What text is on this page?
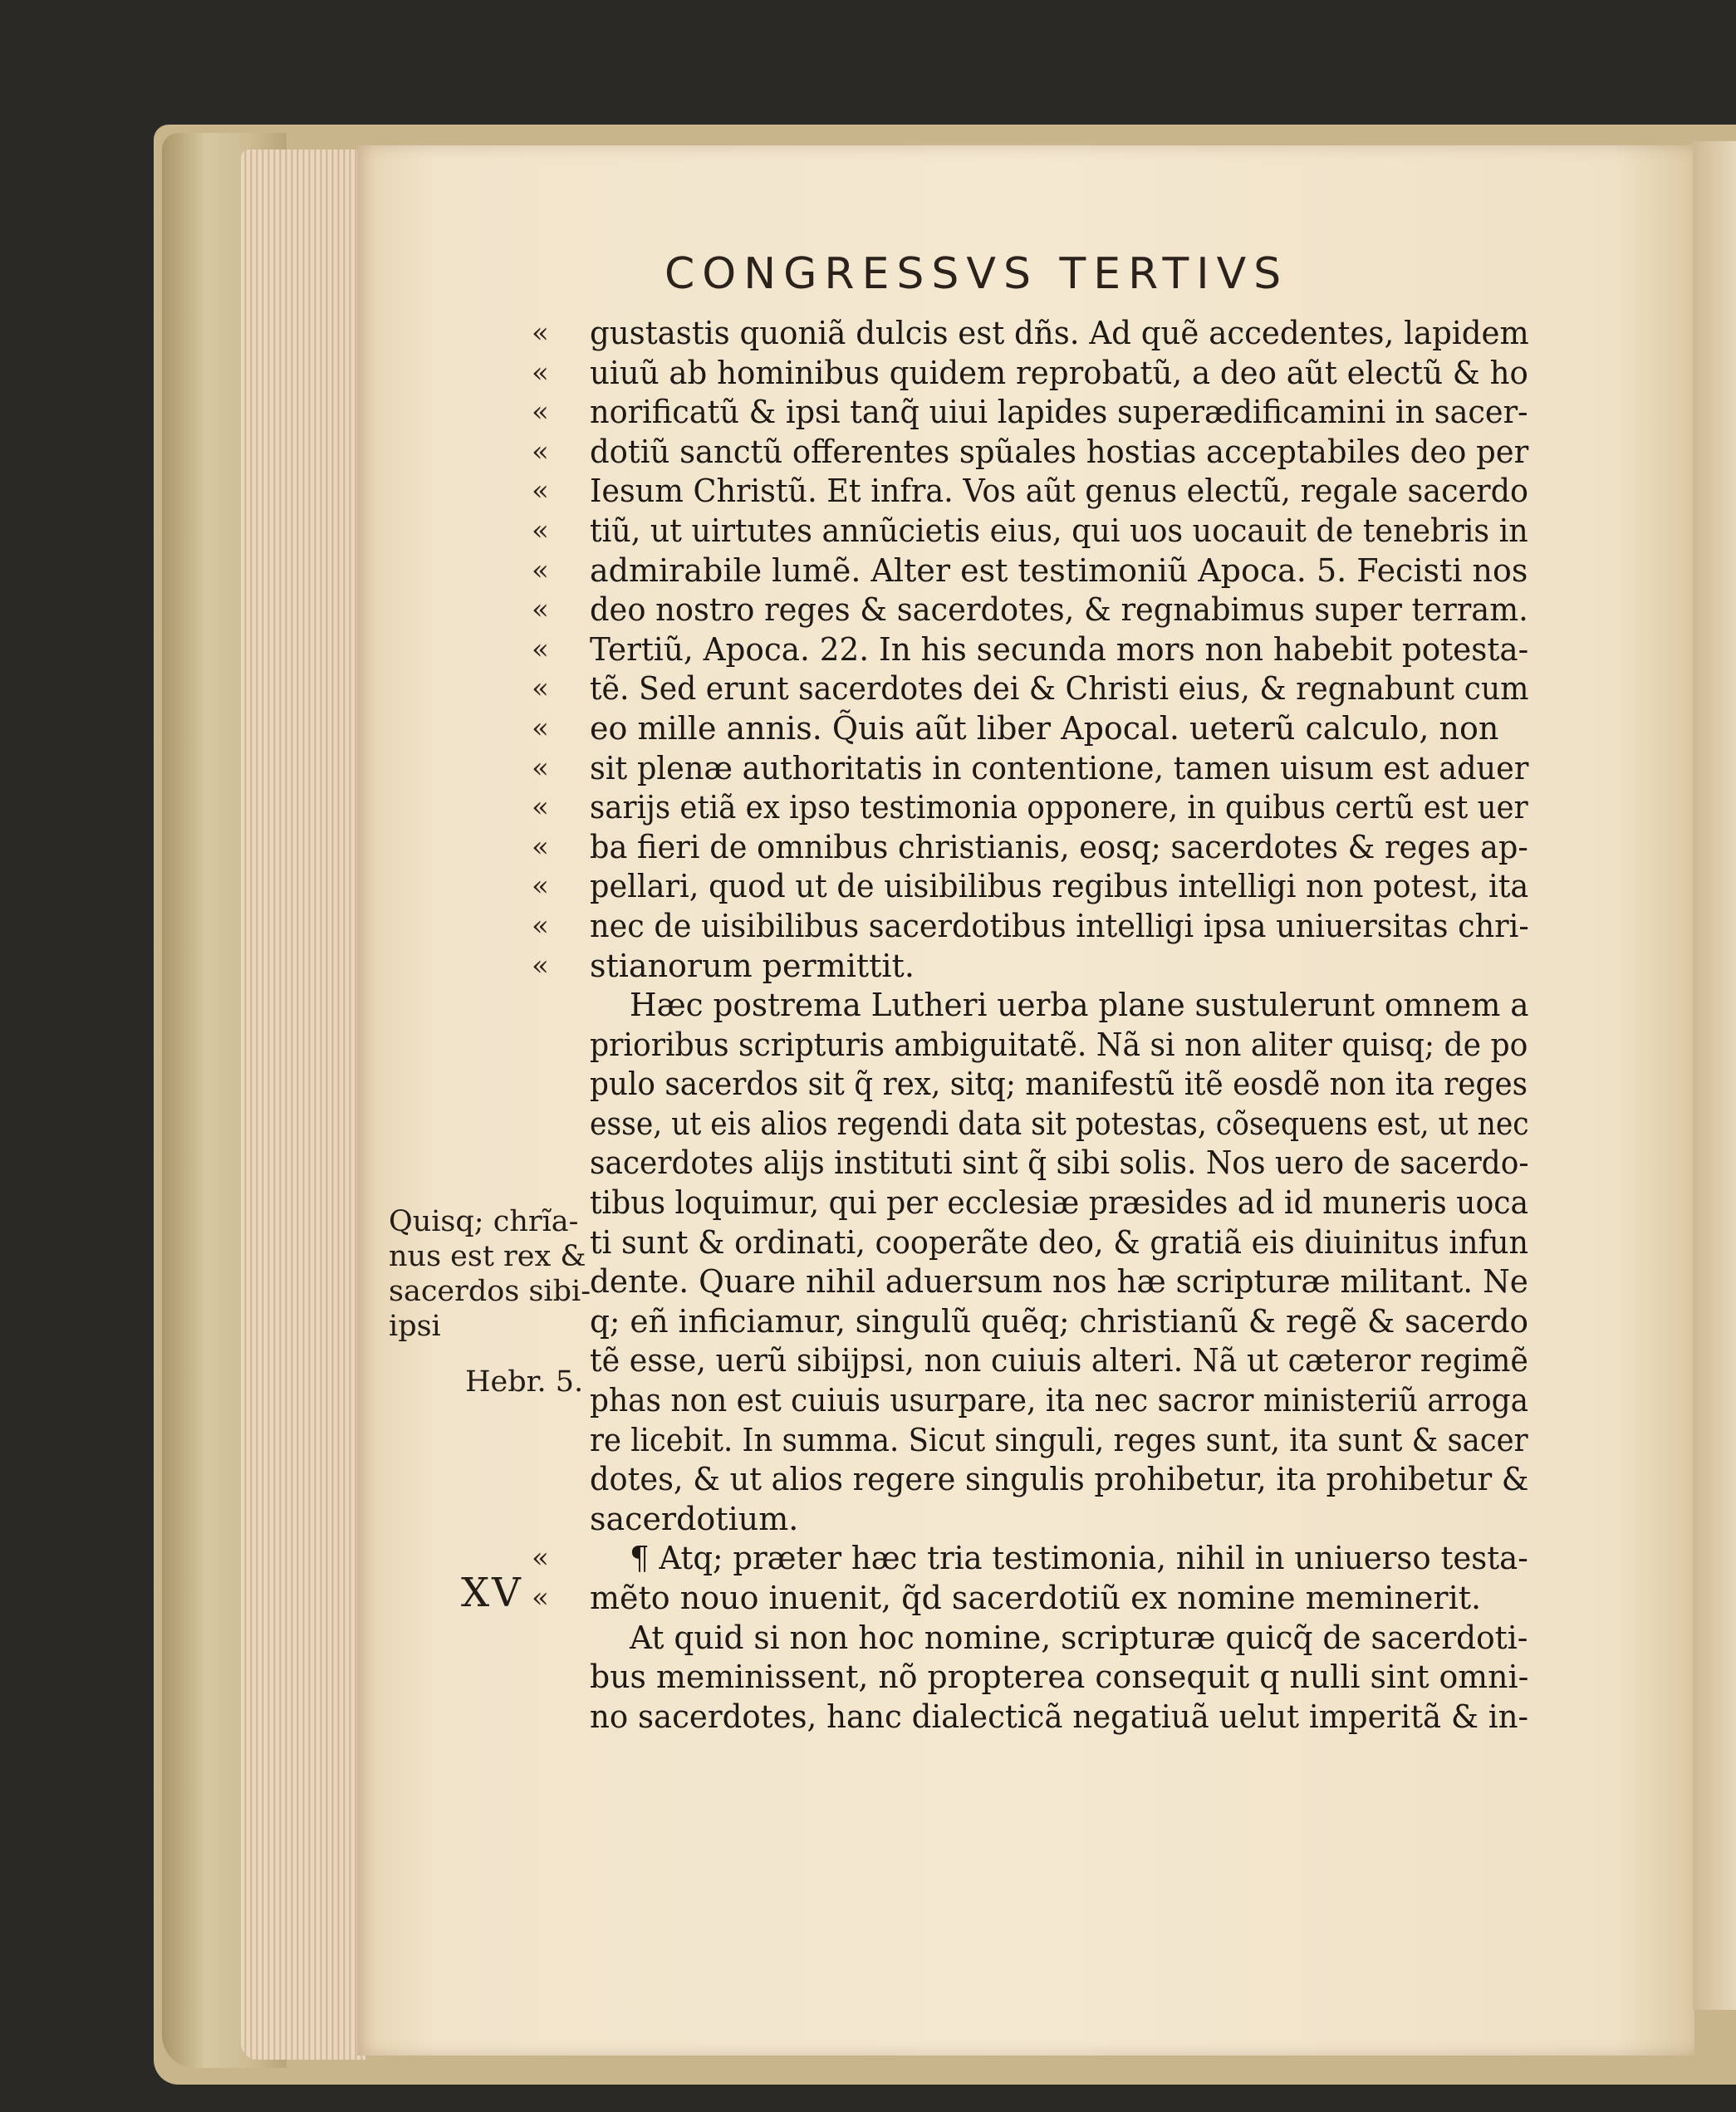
CONGRESSVS TERTIVS
«	gustastis quoniã dulcis est dñs. Ad quẽ accedentes, lapidem
«	uiuũ ab hominibus quidem reprobatũ, a deo aũt electũ & ho
«	norificatũ & ipsi tanq̃ uiui lapides superædificamini in sacer-
«	dotiũ sanctũ offerentes spũales hostias acceptabiles deo per
«	Iesum Christũ. Et infra. Vos aũt genus electũ, regale sacerdo
«	tiũ, ut uirtutes annũcietis eius, qui uos uocauit de tenebris in
«	admirabile lumẽ. Alter est testimoniũ Apoca. 5. Fecisti nos
«	deo nostro reges & sacerdotes, & regnabimus super terram.
«	Tertiũ, Apoca. 22. In his secunda mors non habebit potesta-
«	tẽ. Sed erunt sacerdotes dei & Christi eius, & regnabunt cum
«	eo mille annis. Q̃uis aũt liber Apocal. ueterũ calculo, non
«	sit plenæ authoritatis in contentione, tamen uisum est aduer
«	sarijs etiã ex ipso testimonia opponere, in quibus certũ est uer
«	ba fieri de omnibus christianis, eosq; sacerdotes & reges ap-
«	pellari, quod ut de uisibilibus regibus intelligi non potest, ita
«	nec de uisibilibus sacerdotibus intelligi ipsa uniuersitas chri-
«	stianorum permittit.
Hæc postrema Lutheri uerba plane sustulerunt omnem a
prioribus scripturis ambiguitatẽ. Nã si non aliter quisq; de po
pulo sacerdos sit q̃ rex, sitq; manifestũ itẽ eosdẽ non ita reges
esse, ut eis alios regendi data sit potestas, cõsequens est, ut nec
sacerdotes alijs instituti sint q̃ sibi solis. Nos uero de sacerdo-
tibus loquimur, qui per ecclesiæ præsides ad id muneris uoca
ti sunt & ordinati, cooperãte deo, & gratiã eis diuinitus infun
dente. Quare nihil aduersum nos hæ scripturæ militant. Ne
q; eñ inficiamur, singulũ quẽq; christianũ & regẽ & sacerdo
tẽ esse, uerũ sibijpsi, non cuiuis alteri. Nã ut cæteror regimẽ
phas non est cuiuis usurpare, ita nec sacror ministeriũ arroga
re licebit. In summa. Sicut singuli, reges sunt, ita sunt & sacer
dotes, & ut alios regere singulis prohibetur, ita prohibetur &
sacerdotium.
«	¶ Atq; præter hæc tria testimonia, nihil in uniuerso testa-
«	mẽto nouo inuenit, q̃d sacerdotiũ ex nomine meminerit.
At quid si non hoc nomine, scripturæ quicq̃ de sacerdoti-
bus meminissent, nõ propterea consequit q nulli sint omni-
no sacerdotes, hanc dialecticã negatiuã uelut imperitã & in-
Quisq; chrĩa-
nus est rex &
sacerdos sibi-
ipsi
Hebr. 5.
XV
